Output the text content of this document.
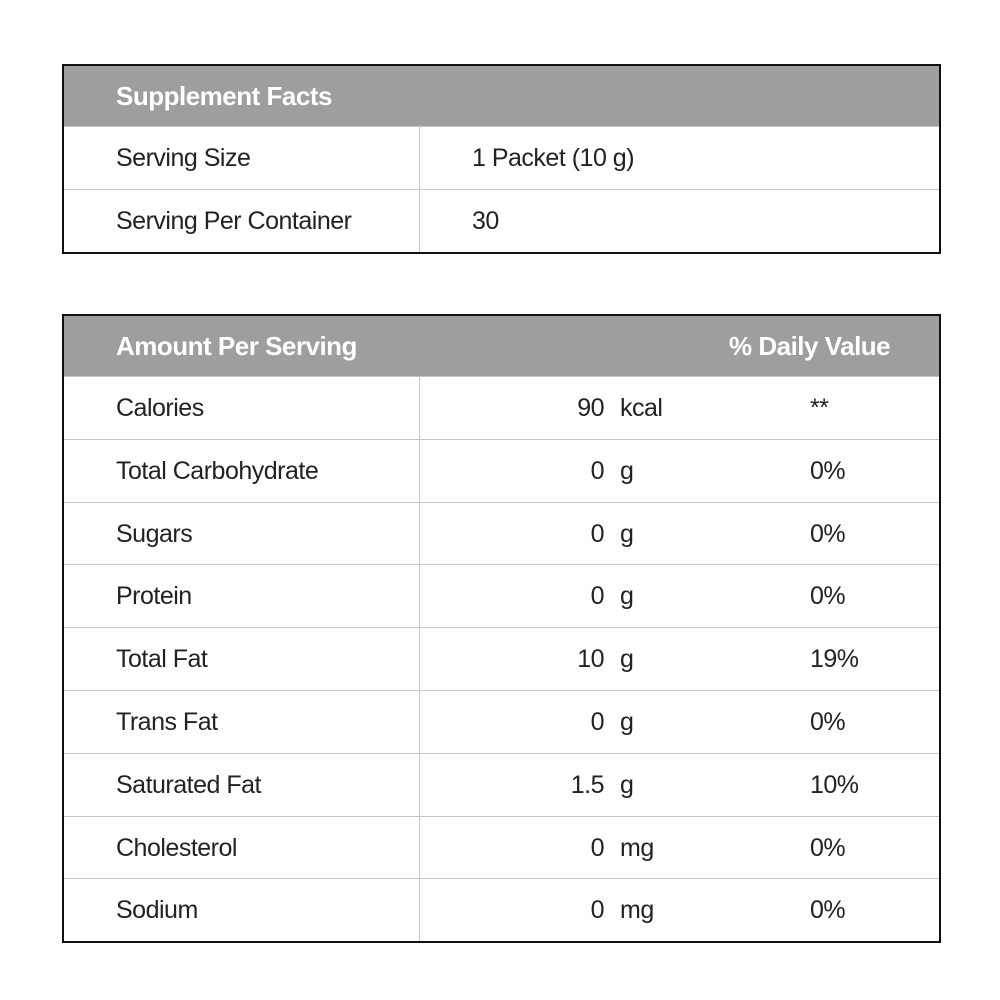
Supplement Facts
Serving Size	1 Packet (10 g)
Serving Per Container	30
Amount Per Serving	% Daily Value
Calories	90 kcal	**
Total Carbohydrate	0 g	0%
Sugars	0 g	0%
Protein	0 g	0%
Total Fat	10 g	19%
Trans Fat	0 g	0%
Saturated Fat	1.5 g	10%
Cholesterol	0 mg	0%
Sodium	0 mg	0%
